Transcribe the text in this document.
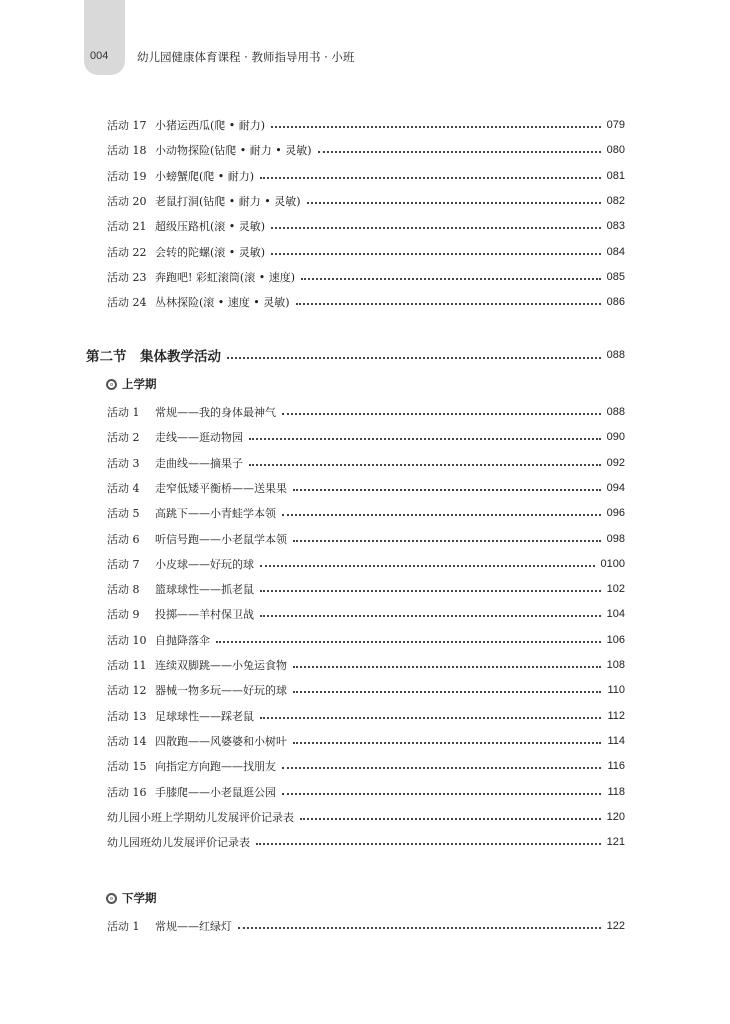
004 幼儿园健康体育课程 · 教师指导用书 · 小班
活动 17 小猪运西瓜(爬 • 耐力)	079
活动 18 小动物探险(钻爬 • 耐力 • 灵敏)	080
活动 19 小螃蟹爬(爬 • 耐力)	081
活动 20 老鼠打洞(钻爬 • 耐力 • 灵敏)	082
活动 21 超级压路机(滚 • 灵敏)	083
活动 22 会转的陀螺(滚 • 灵敏)	084
活动 23 奔跑吧! 彩虹滚筒(滚 • 速度)	085
活动 24 丛林探险(滚 • 速度 • 灵敏)	086
第二节　集体教学活动	088
上学期
活动 1 常规——我的身体最神气	088
活动 2 走线——逛动物园	090
活动 3 走曲线——摘果子	092
活动 4 走窄低矮平衡桥——送果果	094
活动 5 高跳下——小青蛙学本领	096
活动 6 听信号跑——小老鼠学本领	098
活动 7 小皮球——好玩的球	0100
活动 8 篮球球性——抓老鼠	102
活动 9 投掷——羊村保卫战	104
活动 10 自抛降落伞	106
活动 11 连续双脚跳——小兔运食物	108
活动 12 器械一物多玩——好玩的球	110
活动 13 足球球性——踩老鼠	112
活动 14 四散跑——风婆婆和小树叶	114
活动 15 向指定方向跑——找朋友	116
活动 16 手膝爬——小老鼠逛公园	118
幼儿园小班上学期幼儿发展评价记录表	120
幼儿园班幼儿发展评价记录表	121
下学期
活动 1 常规——红绿灯	122
